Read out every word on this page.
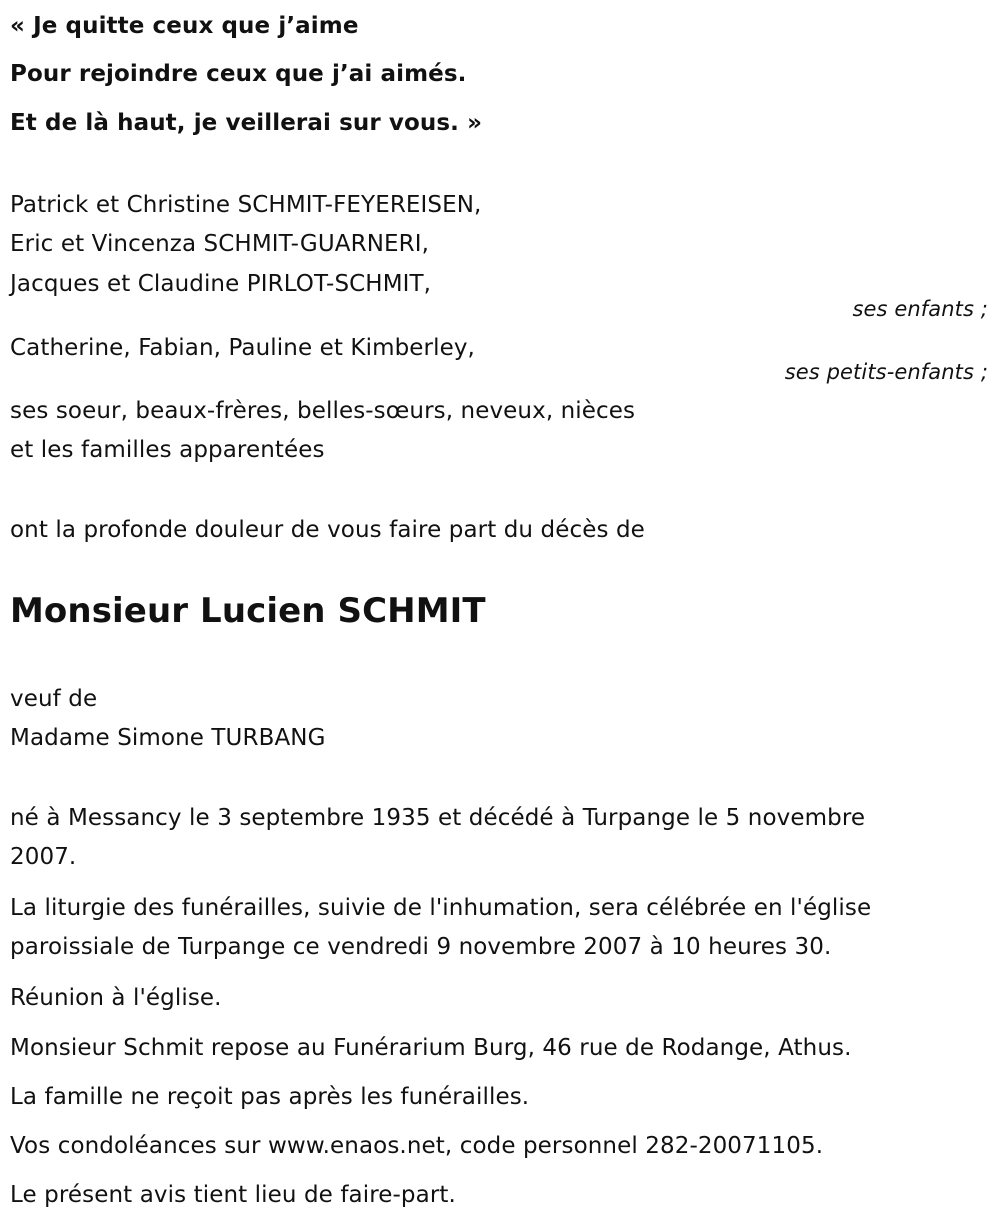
« Je quitte ceux que j’aime
Pour rejoindre ceux que j’ai aimés.
Et de là haut, je veillerai sur vous. »
Patrick et Christine SCHMIT-FEYEREISEN,
Eric et Vincenza SCHMIT-GUARNERI,
Jacques et Claudine PIRLOT-SCHMIT,
ses enfants ;
Catherine, Fabian, Pauline et Kimberley,
ses petits-enfants ;
ses soeur, beaux-frères, belles-sœurs, neveux, nièces
et les familles apparentées
ont la profonde douleur de vous faire part du décès de
Monsieur Lucien SCHMIT
veuf de
Madame Simone TURBANG
né à Messancy le 3 septembre 1935 et décédé à Turpange le 5 novembre
2007.
La liturgie des funérailles, suivie de l'inhumation, sera célébrée en l'église
paroissiale de Turpange ce vendredi 9 novembre 2007 à 10 heures 30.
Réunion à l'église.
Monsieur Schmit repose au Funérarium Burg, 46 rue de Rodange, Athus.
La famille ne reçoit pas après les funérailles.
Vos condoléances sur www.enaos.net, code personnel 282-20071105.
Le présent avis tient lieu de faire-part.
